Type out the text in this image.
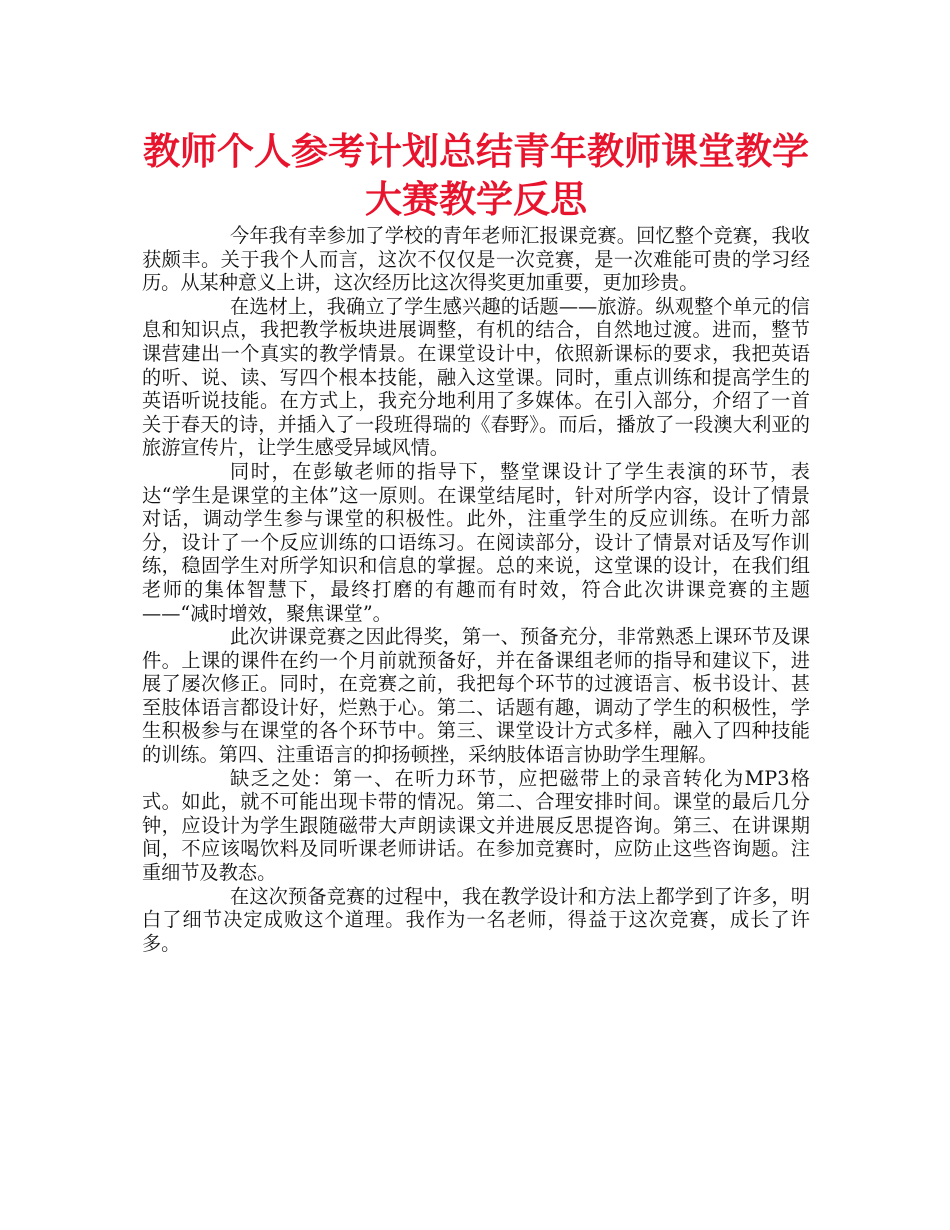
教师个人参考计划总结青年教师课堂教学大赛教学反思

今年我有幸参加了学校的青年老师汇报课竞赛。回忆整个竞赛，我收获颇丰。关于我个人而言，这次不仅仅是一次竞赛，是一次难能可贵的学习经历。从某种意义上讲，这次经历比这次得奖更加重要，更加珍贵。

在选材上，我确立了学生感兴趣的话题——旅游。纵观整个单元的信息和知识点，我把教学板块进展调整，有机的结合，自然地过渡。进而，整节课营建出一个真实的教学情景。在课堂设计中，依照新课标的要求，我把英语的听、说、读、写四个根本技能，融入这堂课。同时，重点训练和提高学生的英语听说技能。在方式上，我充分地利用了多媒体。在引入部分，介绍了一首关于春天的诗，并插入了一段班得瑞的《春野》。而后，播放了一段澳大利亚的旅游宣传片，让学生感受异域风情。

同时，在彭敏老师的指导下，整堂课设计了学生表演的环节，表达“学生是课堂的主体”这一原则。在课堂结尾时，针对所学内容，设计了情景对话，调动学生参与课堂的积极性。此外，注重学生的反应训练。在听力部分，设计了一个反应训练的口语练习。在阅读部分，设计了情景对话及写作训练，稳固学生对所学知识和信息的掌握。总的来说，这堂课的设计，在我们组老师的集体智慧下，最终打磨的有趣而有时效，符合此次讲课竞赛的主题——“减时增效，聚焦课堂”。

此次讲课竞赛之因此得奖，第一、预备充分，非常熟悉上课环节及课件。上课的课件在约一个月前就预备好，并在备课组老师的指导和建议下，进展了屡次修正。同时，在竞赛之前，我把每个环节的过渡语言、板书设计、甚至肢体语言都设计好，烂熟于心。第二、话题有趣，调动了学生的积极性，学生积极参与在课堂的各个环节中。第三、课堂设计方式多样，融入了四种技能的训练。第四、注重语言的抑扬顿挫，采纳肢体语言协助学生理解。

缺乏之处：第一、在听力环节，应把磁带上的录音转化为MP3格式。如此，就不可能出现卡带的情况。第二、合理安排时间。课堂的最后几分钟，应设计为学生跟随磁带大声朗读课文并进展反思提咨询。第三、在讲课期间，不应该喝饮料及同听课老师讲话。在参加竞赛时，应防止这些咨询题。注重细节及教态。

在这次预备竞赛的过程中，我在教学设计和方法上都学到了许多，明白了细节决定成败这个道理。我作为一名老师，得益于这次竞赛，成长了许多。
